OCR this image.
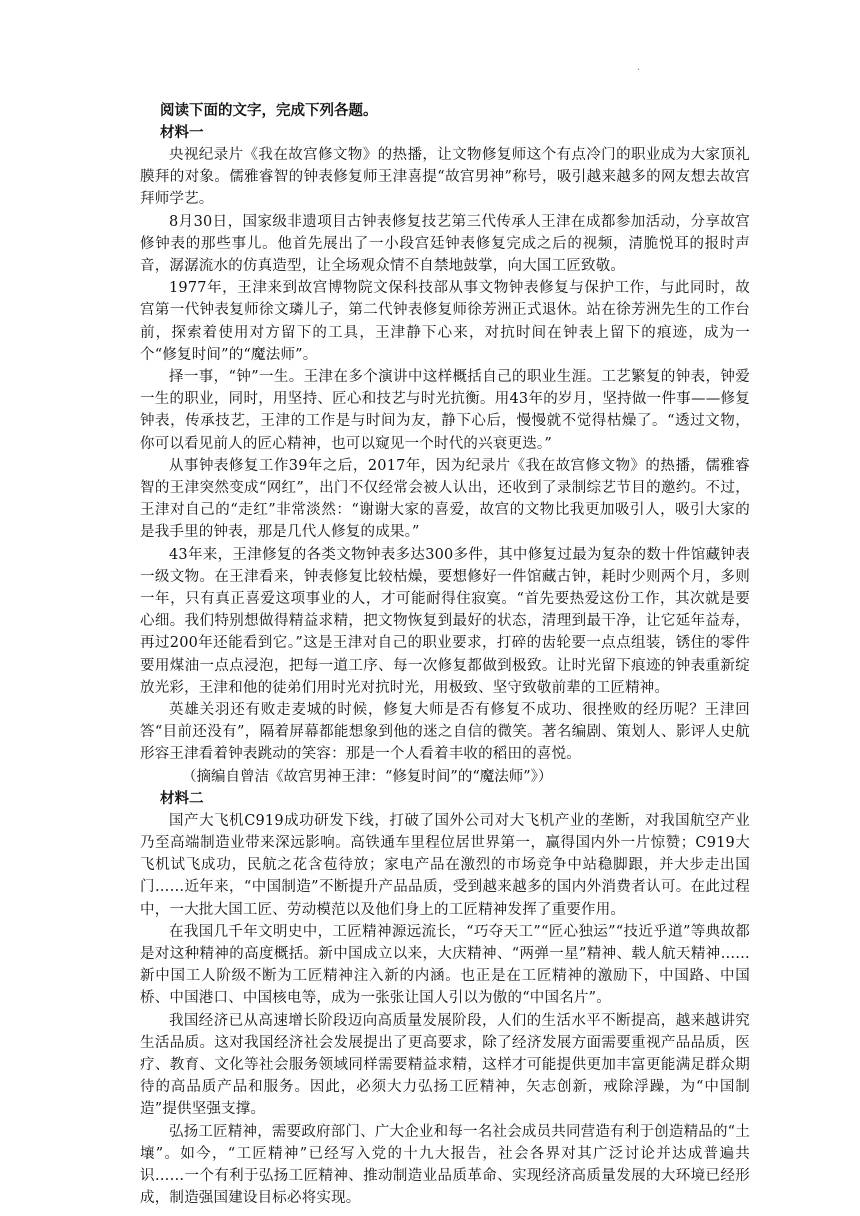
.
阅读下面的文字，完成下列各题。
材料一

央视纪录片《我在故宫修文物》的热播，让文物修复师这个有点冷门的职业成为大家顶礼膜拜的对象。儒雅睿智的钟表修复师王津喜提“故宫男神”称号，吸引越来越多的网友想去故宫拜师学艺。

8月30日，国家级非遗项目古钟表修复技艺第三代传承人王津在成都参加活动，分享故宫修钟表的那些事儿。他首先展出了一小段宫廷钟表修复完成之后的视频，清脆悦耳的报时声音，潺潺流水的仿真造型，让全场观众情不自禁地鼓掌，向大国工匠致敬。

1977年，王津来到故宫博物院文保科技部从事文物钟表修复与保护工作，与此同时，故宫第一代钟表复师徐文璘儿子，第二代钟表修复师徐芳洲正式退休。站在徐芳洲先生的工作台前，探索着使用对方留下的工具，王津静下心来，对抗时间在钟表上留下的痕迹，成为一个“修复时间”的“魔法师”。

择一事，“钟”一生。王津在多个演讲中这样概括自己的职业生涯。工艺繁复的钟表，钟爱一生的职业，同时，用坚持、匠心和技艺与时光抗衡。用43年的岁月，坚持做一件事——修复钟表，传承技艺，王津的工作是与时间为友，静下心后，慢慢就不觉得枯燥了。“透过文物，你可以看见前人的匠心精神，也可以窥见一个时代的兴衰更迭。”

从事钟表修复工作39年之后，2017年，因为纪录片《我在故宫修文物》的热播，儒雅睿智的王津突然变成“网红”，出门不仅经常会被人认出，还收到了录制综艺节目的邀约。不过，王津对自己的“走红”非常淡然：“谢谢大家的喜爱，故宫的文物比我更加吸引人，吸引大家的是我手里的钟表，那是几代人修复的成果。”

43年来，王津修复的各类文物钟表多达300多件，其中修复过最为复杂的数十件馆藏钟表一级文物。在王津看来，钟表修复比较枯燥，要想修好一件馆藏古钟，耗时少则两个月，多则一年，只有真正喜爱这项事业的人，才可能耐得住寂寞。“首先要热爱这份工作，其次就是要心细。我们特别想做得精益求精，把文物恢复到最好的状态，清理到最干净，让它延年益寿，再过200年还能看到它。”这是王津对自己的职业要求，打碎的齿轮要一点点组装，锈住的零件要用煤油一点点浸泡，把每一道工序、每一次修复都做到极致。让时光留下痕迹的钟表重新绽放光彩，王津和他的徒弟们用时光对抗时光，用极致、坚守致敬前辈的工匠精神。

英雄关羽还有败走麦城的时候，修复大师是否有修复不成功、很挫败的经历呢？王津回答“目前还没有”，隔着屏幕都能想象到他的迷之自信的微笑。著名编剧、策划人、影评人史航形容王津看着钟表跳动的笑容：那是一个人看着丰收的稻田的喜悦。

（摘编自曾洁《故宫男神王津：“修复时间”的“魔法师”》）
材料二

国产大飞机C919成功研发下线，打破了国外公司对大飞机产业的垄断，对我国航空产业乃至高端制造业带来深远影响。高铁通车里程位居世界第一，赢得国内外一片惊赞；C919大飞机试飞成功，民航之花含苞待放；家电产品在激烈的市场竞争中站稳脚跟，并大步走出国门……近年来，“中国制造”不断提升产品品质，受到越来越多的国内外消费者认可。在此过程中，一大批大国工匠、劳动模范以及他们身上的工匠精神发挥了重要作用。

在我国几千年文明史中，工匠精神源远流长，“巧夺天工”“匠心独运”“技近乎道”等典故都是对这种精神的高度概括。新中国成立以来，大庆精神、“两弹一星”精神、载人航天精神……新中国工人阶级不断为工匠精神注入新的内涵。也正是在工匠精神的激励下，中国路、中国桥、中国港口、中国核电等，成为一张张让国人引以为傲的“中国名片”。

我国经济已从高速增长阶段迈向高质量发展阶段，人们的生活水平不断提高，越来越讲究生活品质。这对我国经济社会发展提出了更高要求，除了经济发展方面需要重视产品品质，医疗、教育、文化等社会服务领域同样需要精益求精，这样才可能提供更加丰富更能满足群众期待的高品质产品和服务。因此，必须大力弘扬工匠精神，矢志创新，戒除浮躁，为“中国制造”提供坚强支撑。

弘扬工匠精神，需要政府部门、广大企业和每一名社会成员共同营造有利于创造精品的“土壤”。如今，“工匠精神”已经写入党的十九大报告，社会各界对其广泛讨论并达成普遍共识……一个有利于弘扬工匠精神、推动制造业品质革命、实现经济高质量发展的大环境已经形成，制造强国建设目标必将实现。
